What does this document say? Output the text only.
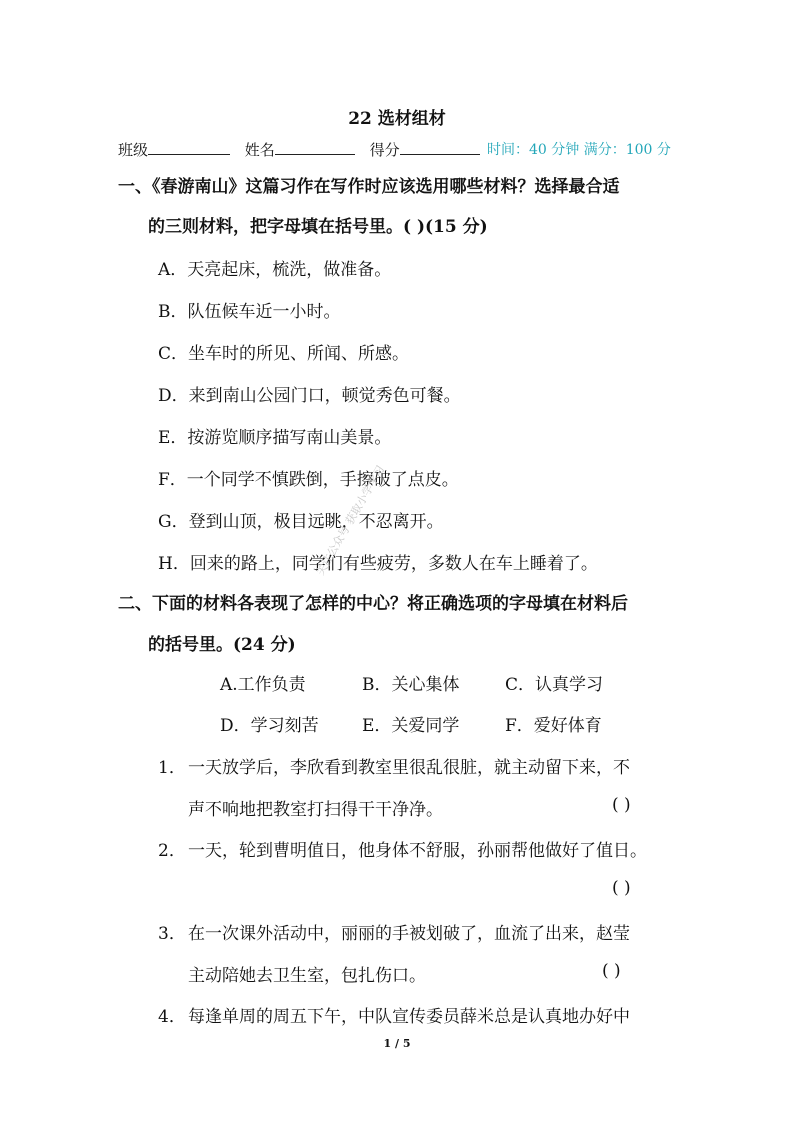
22 选材组材
班级	姓名	得分	时间：40 分钟 满分：100 分
一、《春游南山》这篇习作在写作时应该选用哪些材料？选择最合适
的三则材料，把字母填在括号里。( )(15 分)
A．天亮起床，梳洗，做准备。
B．队伍候车近一小时。
C．坐车时的所见、所闻、所感。
D．来到南山公园门口，顿觉秀色可餐。
E．按游览顺序描写南山美景。
F．一个同学不慎跌倒，手擦破了点皮。
G．登到山顶，极目远眺，不忍离开。
H．回来的路上，同学们有些疲劳，多数人在车上睡着了。
二、下面的材料各表现了怎样的中心？将正确选项的字母填在材料后
的括号里。(24 分)
A.工作负责	B．关心集体	C．认真学习
D．学习刻苦	E．关爱同学	F．爱好体育
1． 一天放学后，李欣看到教室里很乱很脏，就主动留下来，不
声不响地把教室打扫得干干净净。	( )
2． 一天，轮到曹明值日，他身体不舒服，孙丽帮他做好了值日。
( )
3． 在一次课外活动中，丽丽的手被划破了，血流了出来，赵莹
主动陪她去卫生室，包扎伤口。	( )
4． 每逢单周的周五下午，中队宣传委员薛米总是认真地办好中
1 / 5
关注公众号 获取小学学习
